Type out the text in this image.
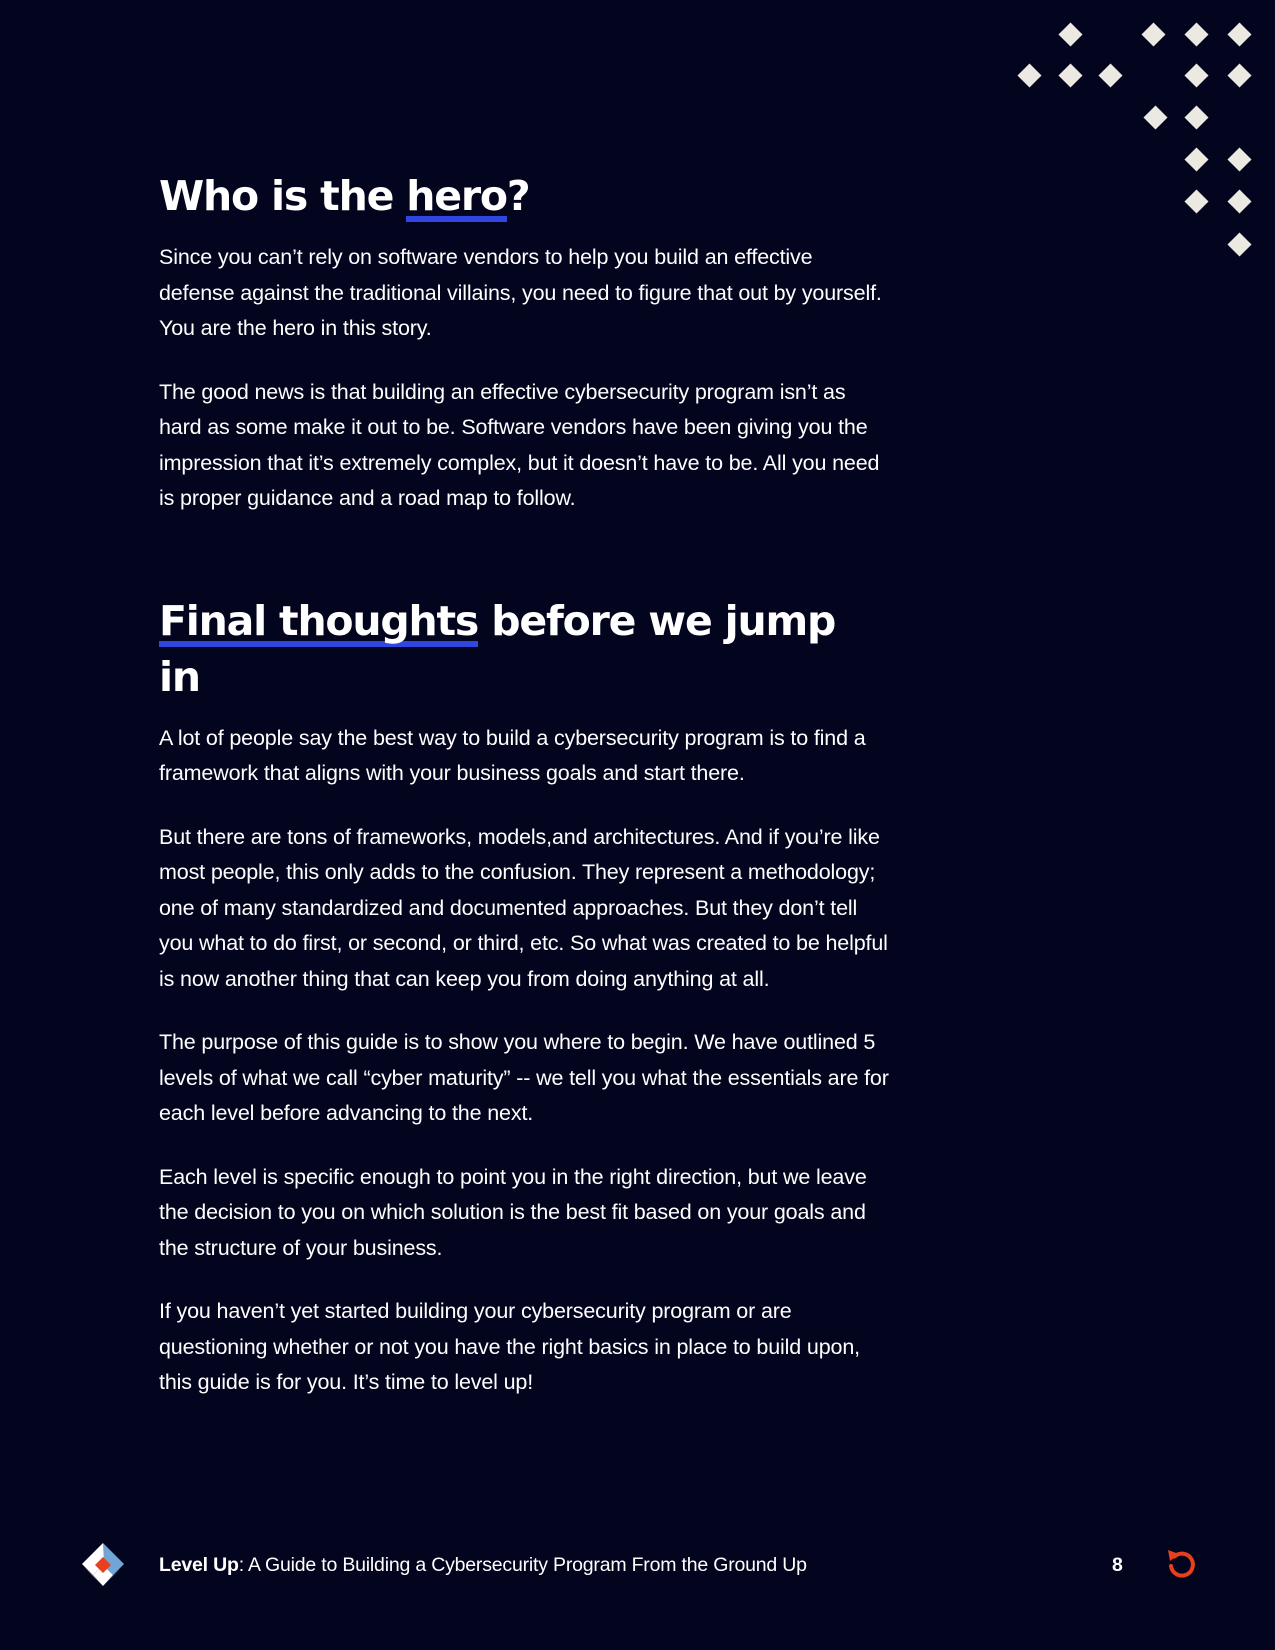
Who is the hero?

Since you can’t rely on software vendors to help you build an effective defense against the traditional villains, you need to figure that out by yourself. You are the hero in this story.

The good news is that building an effective cybersecurity program isn’t as hard as some make it out to be. Software vendors have been giving you the impression that it’s extremely complex, but it doesn’t have to be. All you need is proper guidance and a road map to follow.

Final thoughts before we jump in

A lot of people say the best way to build a cybersecurity program is to find a framework that aligns with your business goals and start there.

But there are tons of frameworks, models,and architectures. And if you’re like most people, this only adds to the confusion. They represent a methodology; one of many standardized and documented approaches. But they don’t tell you what to do first, or second, or third, etc. So what was created to be helpful is now another thing that can keep you from doing anything at all.

The purpose of this guide is to show you where to begin. We have outlined 5 levels of what we call “cyber maturity” -- we tell you what the essentials are for each level before advancing to the next.

Each level is specific enough to point you in the right direction, but we leave the decision to you on which solution is the best fit based on your goals and the structure of your business.

If you haven’t yet started building your cybersecurity program or are questioning whether or not you have the right basics in place to build upon, this guide is for you. It’s time to level up!

Level Up: A Guide to Building a Cybersecurity Program From the Ground Up	8
